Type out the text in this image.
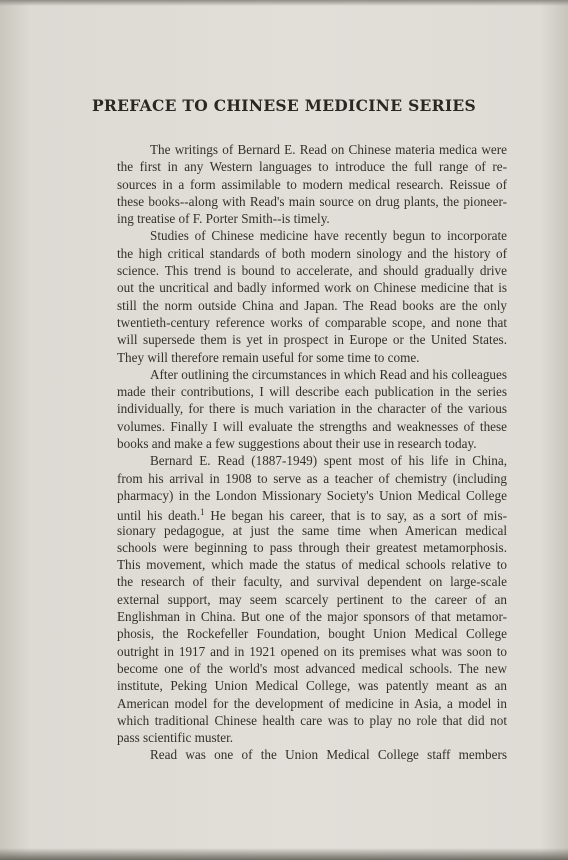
PREFACE TO CHINESE MEDICINE SERIES
The writings of Bernard E. Read on Chinese materia medica were
the first in any Western languages to introduce the full range of re-
sources in a form assimilable to modern medical research. Reissue of
these books--along with Read's main source on drug plants, the pioneer-
ing treatise of F. Porter Smith--is timely.
Studies of Chinese medicine have recently begun to incorporate
the high critical standards of both modern sinology and the history of
science. This trend is bound to accelerate, and should gradually drive
out the uncritical and badly informed work on Chinese medicine that is
still the norm outside China and Japan. The Read books are the only
twentieth-century reference works of comparable scope, and none that
will supersede them is yet in prospect in Europe or the United States.
They will therefore remain useful for some time to come.
After outlining the circumstances in which Read and his colleagues
made their contributions, I will describe each publication in the series
individually, for there is much variation in the character of the various
volumes. Finally I will evaluate the strengths and weaknesses of these
books and make a few suggestions about their use in research today.
Bernard E. Read (1887-1949) spent most of his life in China,
from his arrival in 1908 to serve as a teacher of chemistry (including
pharmacy) in the London Missionary Society's Union Medical College
until his death.$^1$ He began his career, that is to say, as a sort of mis-
sionary pedagogue, at just the same time when American medical
schools were beginning to pass through their greatest metamorphosis.
This movement, which made the status of medical schools relative to
the research of their faculty, and survival dependent on large-scale
external support, may seem scarcely pertinent to the career of an
Englishman in China. But one of the major sponsors of that metamor-
phosis, the Rockefeller Foundation, bought Union Medical College
outright in 1917 and in 1921 opened on its premises what was soon to
become one of the world's most advanced medical schools. The new
institute, Peking Union Medical College, was patently meant as an
American model for the development of medicine in Asia, a model in
which traditional Chinese health care was to play no role that did not
pass scientific muster.
Read was one of the Union Medical College staff members
